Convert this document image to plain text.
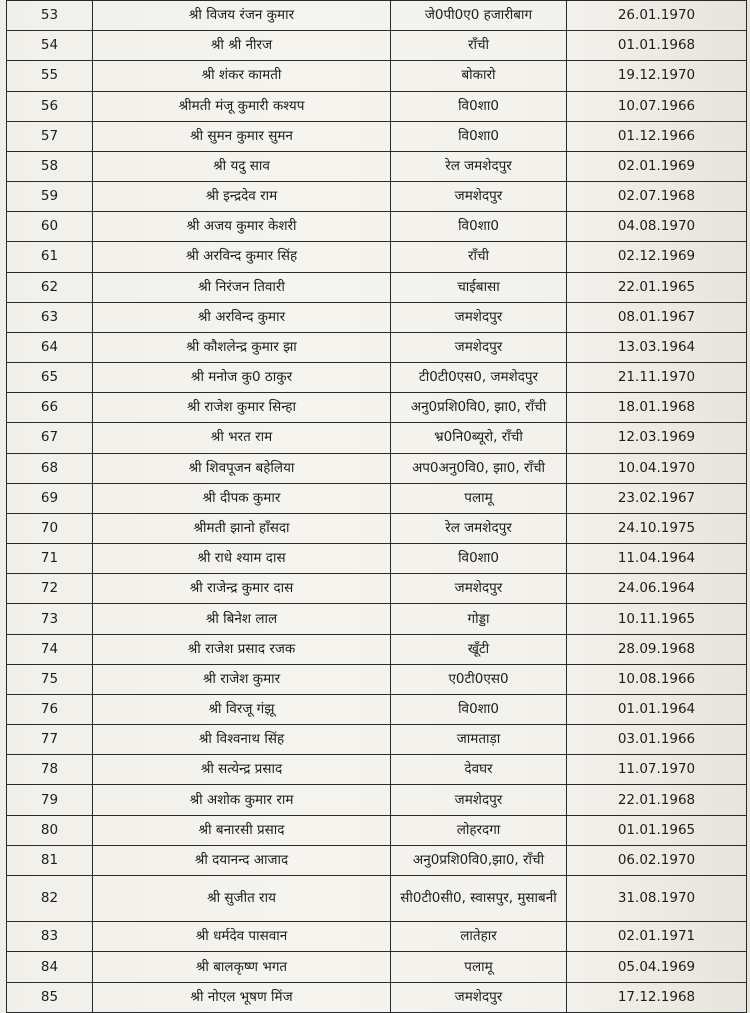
53	श्री विजय रंजन कुमार	जे0पी0ए0 हजारीबाग	26.01.1970
54	श्री श्री नीरज	राँची	01.01.1968
55	श्री शंकर कामती	बोकारो	19.12.1970
56	श्रीमती मंजू कुमारी कश्यप	वि0शा0	10.07.1966
57	श्री सुमन कुमार सुमन	वि0शा0	01.12.1966
58	श्री यदु साव	रेल जमशेदपुर	02.01.1969
59	श्री इन्द्रदेव राम	जमशेदपुर	02.07.1968
60	श्री अजय कुमार केशरी	वि0शा0	04.08.1970
61	श्री अरविन्द कुमार सिंह	राँची	02.12.1969
62	श्री निरंजन तिवारी	चाईबासा	22.01.1965
63	श्री अरविन्द कुमार	जमशेदपुर	08.01.1967
64	श्री कौशलेन्द्र कुमार झा	जमशेदपुर	13.03.1964
65	श्री मनोज कु0 ठाकुर	टी0टी0एस0, जमशेदपुर	21.11.1970
66	श्री राजेश कुमार सिन्हा	अनु0प्रशि0वि0, झा0, राँची	18.01.1968
67	श्री भरत राम	भ्र0नि0ब्यूरो, राँची	12.03.1969
68	श्री शिवपूजन बहेलिया	अप0अनु0वि0, झा0, राँची	10.04.1970
69	श्री दीपक कुमार	पलामू	23.02.1967
70	श्रीमती झानो हाँसदा	रेल जमशेदपुर	24.10.1975
71	श्री राधे श्याम दास	वि0शा0	11.04.1964
72	श्री राजेन्द्र कुमार दास	जमशेदपुर	24.06.1964
73	श्री बिनेश लाल	गोड्डा	10.11.1965
74	श्री राजेश प्रसाद रजक	खूँटी	28.09.1968
75	श्री राजेश कुमार	ए0टी0एस0	10.08.1966
76	श्री विरजू गंझू	वि0शा0	01.01.1964
77	श्री विश्वनाथ सिंह	जामताड़ा	03.01.1966
78	श्री सत्येन्द्र प्रसाद	देवघर	11.07.1970
79	श्री अशोक कुमार राम	जमशेदपुर	22.01.1968
80	श्री बनारसी प्रसाद	लोहरदगा	01.01.1965
81	श्री दयानन्द आजाद	अनु0प्रशि0वि0,झा0, राँची	06.02.1970
82	श्री सुजीत राय	सी0टी0सी0, स्वासपुर, मुसाबनी	31.08.1970
83	श्री धर्मदेव पासवान	लातेहार	02.01.1971
84	श्री बालकृष्ण भगत	पलामू	05.04.1969
85	श्री नोएल भूषण मिंज	जमशेदपुर	17.12.1968
